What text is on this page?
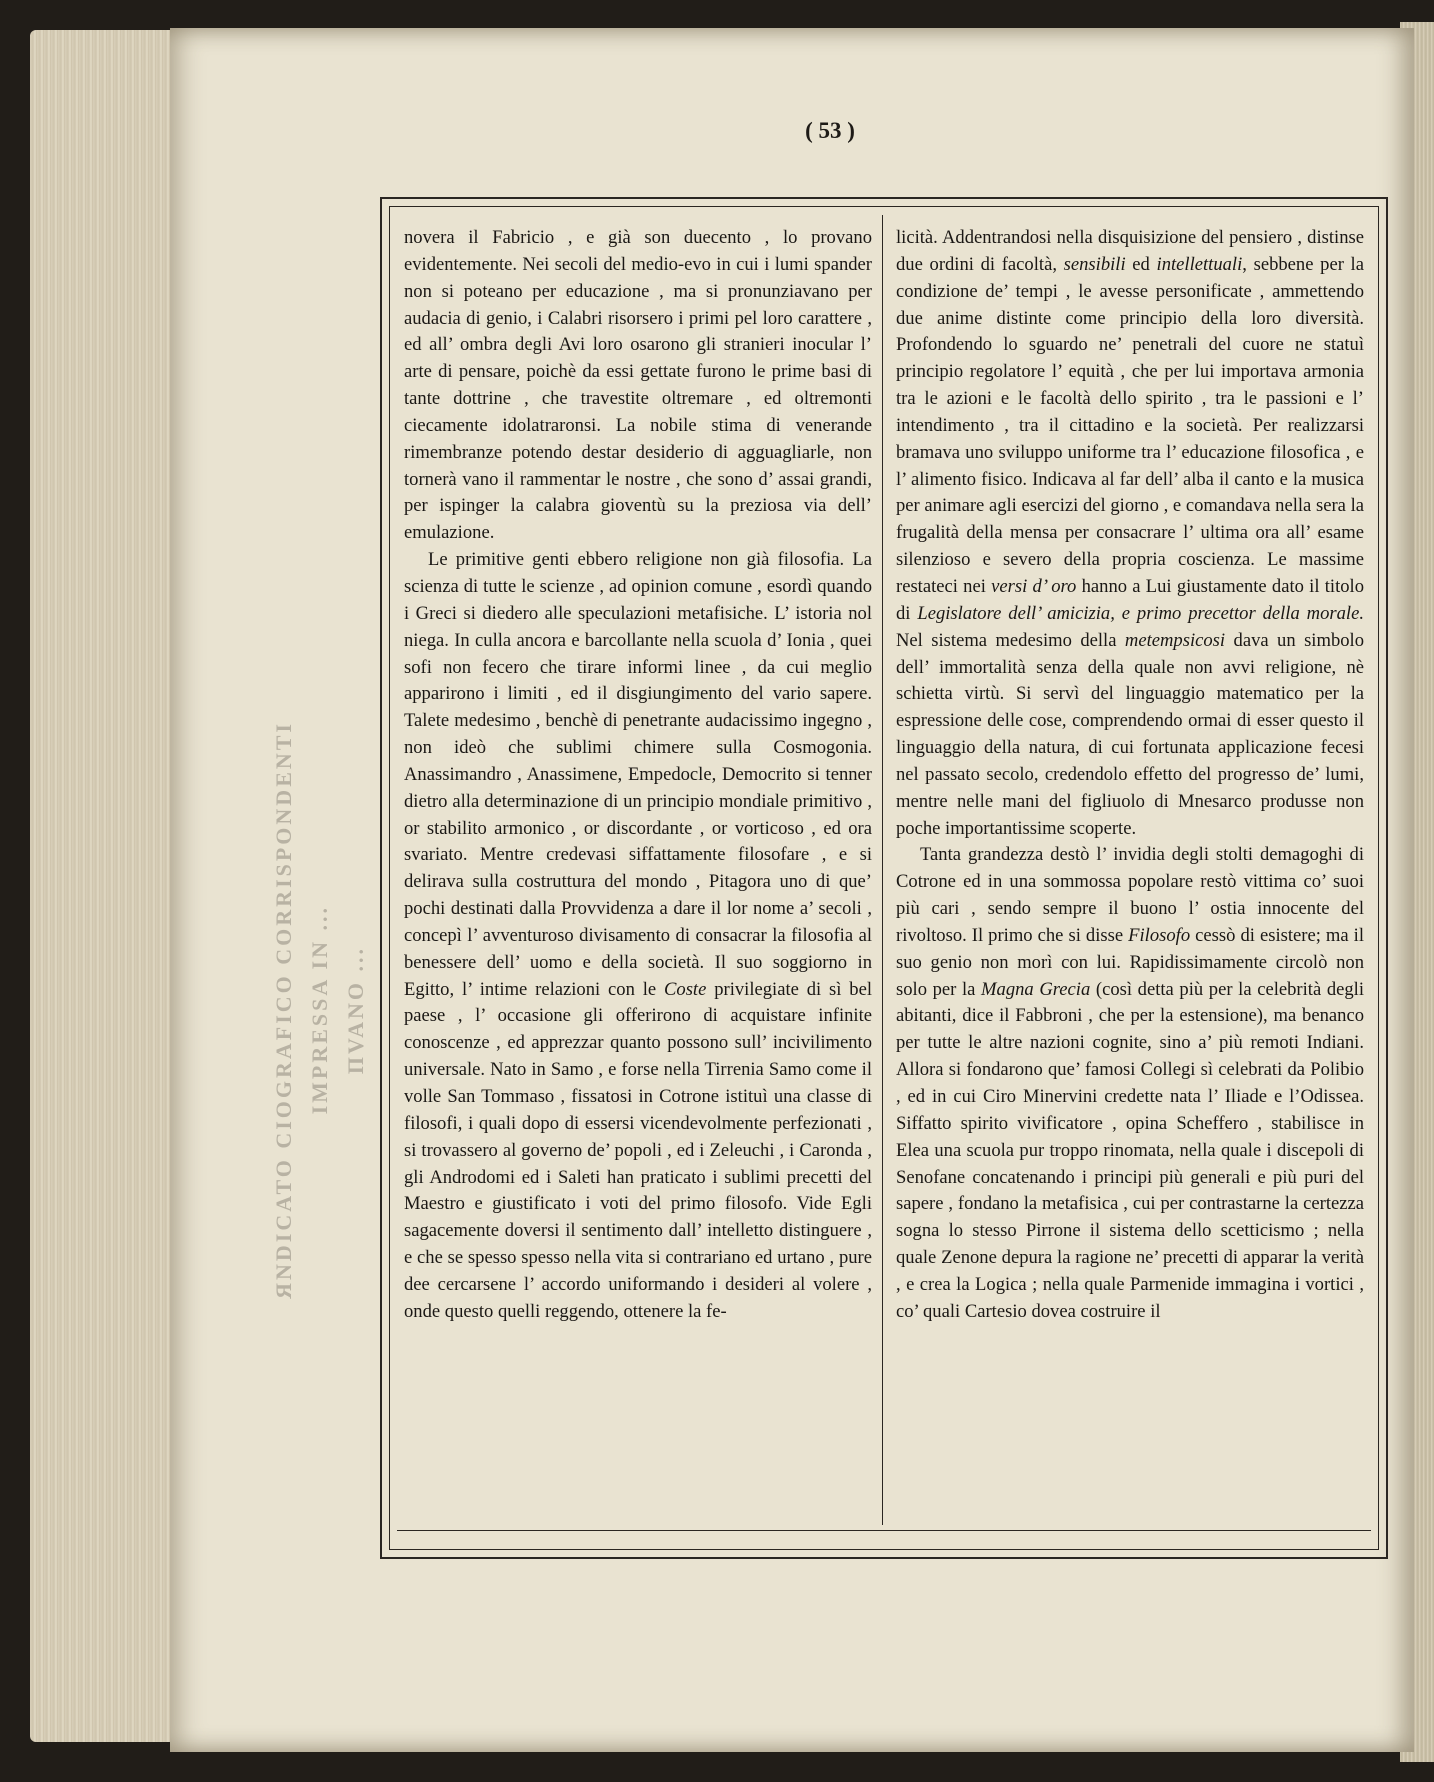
ЯNDICATO CIOGRAFICO CORRISPONDENTI IMPRESSA IN ... ΠVANO ...
( 53 )

novera il Fabricio , e già son duecento , lo provano evidentemente. Nei secoli del medio-evo in cui i lumi spander non si poteano per educazione , ma si pronunziavano per audacia di genio, i Calabri risorsero i primi pel loro carattere , ed all’ ombra degli Avi loro osarono gli stranieri inocular l’ arte di pensare, poichè da essi gettate furono le prime basi di tante dottrine , che travestite oltremare , ed oltremonti ciecamente idolatraronsi. La nobile stima di venerande rimembranze potendo destar desiderio di agguagliarle, non tornerà vano il rammentar le nostre , che sono d’ assai grandi, per ispinger la calabra gioventù su la preziosa via dell’ emulazione.

Le primitive genti ebbero religione non già filosofia. La scienza di tutte le scienze , ad opinion comune , esordì quando i Greci si diedero alle speculazioni metafisiche. L’ istoria nol niega. In culla ancora e barcollante nella scuola d’ Ionia , quei sofi non fecero che tirare informi linee , da cui meglio apparirono i limiti , ed il disgiungimento del vario sapere. Talete medesimo , benchè di penetrante audacissimo ingegno , non ideò che sublimi chimere sulla Cosmogonia. Anassimandro , Anassimene, Empedocle, Democrito si tenner dietro alla determinazione di un principio mondiale primitivo , or stabilito armonico , or discordante , or vorticoso , ed ora svariato. Mentre credevasi siffattamente filosofare , e si delirava sulla costruttura del mondo , Pitagora uno di que’ pochi destinati dalla Provvidenza a dare il lor nome a’ secoli , concepì l’ avventuroso divisamento di consacrar la filosofia al benessere dell’ uomo e della società. Il suo soggiorno in Egitto, l’ intime relazioni con le Coste privilegiate di sì bel paese , l’ occasione gli offerirono di acquistare infinite conoscenze , ed apprezzar quanto possono sull’ incivilimento universale. Nato in Samo , e forse nella Tirrenia Samo come il volle San Tommaso , fissatosi in Cotrone istituì una classe di filosofi, i quali dopo di essersi vicendevolmente perfezionati , si trovassero al governo de’ popoli , ed i Zeleuchi , i Caronda , gli Androdomi ed i Saleti han praticato i sublimi precetti del Maestro e giustificato i voti del primo filosofo. Vide Egli sagacemente doversi il sentimento dall’ intelletto distinguere , e che se spesso spesso nella vita si contrariano ed urtano , pure dee cercarsene l’ accordo uniformando i desideri al volere , onde questo quelli reggendo, ottenere la fe-

licità. Addentrandosi nella disquisizione del pensiero , distinse due ordini di facoltà, sensibili ed intellettuali, sebbene per la condizione de’ tempi , le avesse personificate , ammettendo due anime distinte come principio della loro diversità. Profondendo lo sguardo ne’ penetrali del cuore ne statuì principio regolatore l’ equità , che per lui importava armonia tra le azioni e le facoltà dello spirito , tra le passioni e l’ intendimento , tra il cittadino e la società. Per realizzarsi bramava uno sviluppo uniforme tra l’ educazione filosofica , e l’ alimento fisico. Indicava al far dell’ alba il canto e la musica per animare agli esercizi del giorno , e comandava nella sera la frugalità della mensa per consacrare l’ ultima ora all’ esame silenzioso e severo della propria coscienza. Le massime restateci nei versi d’ oro hanno a Lui giustamente dato il titolo di Legislatore dell’ amicizia, e primo precettor della morale. Nel sistema medesimo della metempsicosi dava un simbolo dell’ immortalità senza della quale non avvi religione, nè schietta virtù. Si servì del linguaggio matematico per la espressione delle cose, comprendendo ormai di esser questo il linguaggio della natura, di cui fortunata applicazione fecesi nel passato secolo, credendolo effetto del progresso de’ lumi, mentre nelle mani del figliuolo di Mnesarco produsse non poche importantissime scoperte.

Tanta grandezza destò l’ invidia degli stolti demagoghi di Cotrone ed in una sommossa popolare restò vittima co’ suoi più cari , sendo sempre il buono l’ ostia innocente del rivoltoso. Il primo che si disse Filosofo cessò di esistere; ma il suo genio non morì con lui. Rapidissimamente circolò non solo per la Magna Grecia (così detta più per la celebrità degli abitanti, dice il Fabbroni , che per la estensione), ma benanco per tutte le altre nazioni cognite, sino a’ più remoti Indiani. Allora si fondarono que’ famosi Collegi sì celebrati da Polibio , ed in cui Ciro Minervini credette nata l’ Iliade e l’Odissea. Siffatto spirito vivificatore , opina Scheffero , stabilisce in Elea una scuola pur troppo rinomata, nella quale i discepoli di Senofane concatenando i principi più generali e più puri del sapere , fondano la metafisica , cui per contrastarne la certezza sogna lo stesso Pirrone il sistema dello scetticismo ; nella quale Zenone depura la ragione ne’ precetti di apparar la verità , e crea la Logica ; nella quale Parmenide immagina i vortici , co’ quali Cartesio dovea costruire il
